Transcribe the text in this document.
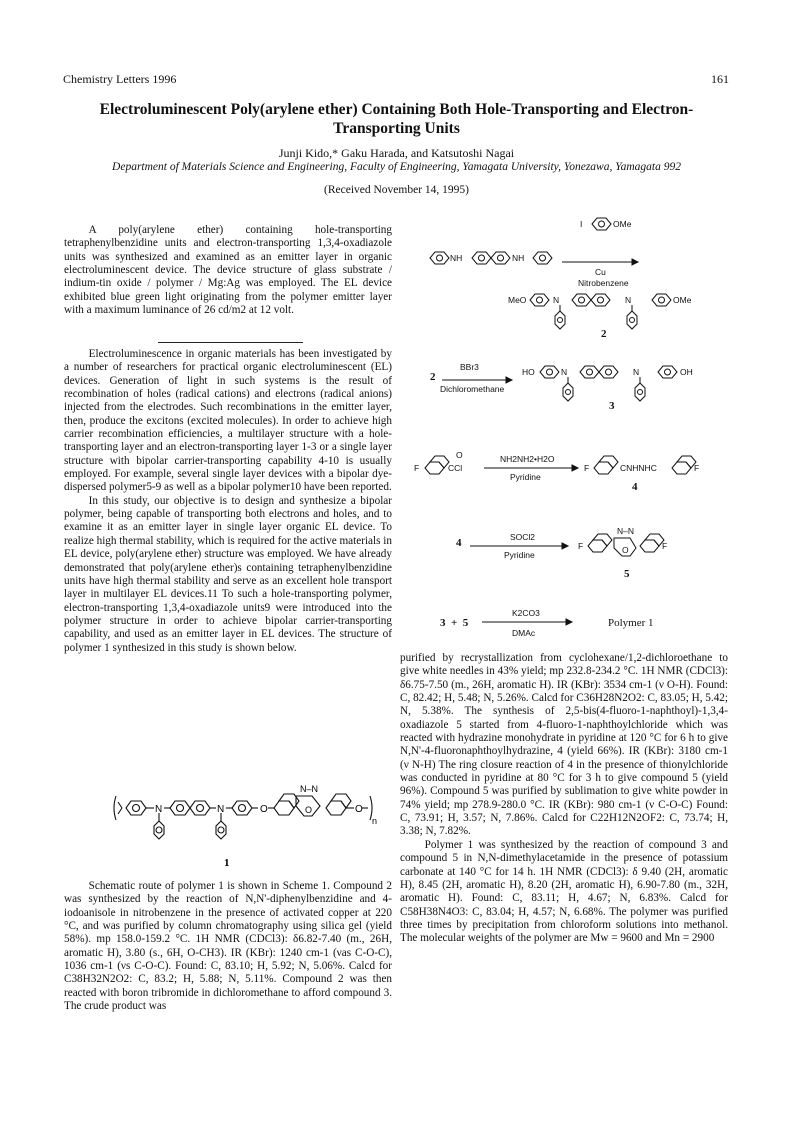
Chemistry Letters 1996	161
Electroluminescent Poly(arylene ether) Containing Both Hole-Transporting and Electron-Transporting Units
Junji Kido,* Gaku Harada, and Katsutoshi Nagai
Department of Materials Science and Engineering, Faculty of Engineering, Yamagata University, Yonezawa, Yamagata 992
(Received November 14, 1995)

A poly(arylene ether) containing hole-transporting tetraphenylbenzidine units and electron-transporting 1,3,4-oxadiazole units was synthesized and examined as an emitter layer in organic electroluminescent device. The device structure of glass substrate / indium-tin oxide / polymer / Mg:Ag was employed. The EL device exhibited blue green light originating from the polymer emitter layer with a maximum luminance of 26 cd/m2 at 12 volt.

Electroluminescence in organic materials has been investigated by a number of researchers for practical organic electroluminescent (EL) devices. Generation of light in such systems is the result of recombination of holes (radical cations) and electrons (radical anions) injected from the electrodes. Such recombinations in the emitter layer, then, produce the excitons (excited molecules). In order to achieve high carrier recombination efficiencies, a multilayer structure with a hole-transporting layer and an electron-transporting layer 1-3 or a single layer structure with bipolar carrier-transporting capability 4-10 is usually employed. For example, several single layer devices with a bipolar dye-dispersed polymer5-9 as well as a bipolar polymer10 have been reported.

In this study, our objective is to design and synthesize a bipolar polymer, being capable of transporting both electrons and holes, and to examine it as an emitter layer in single layer organic EL device. To realize high thermal stability, which is required for the active materials in EL device, poly(arylene ether) structure was employed. We have already demonstrated that poly(arylene ether)s containing tetraphenylbenzidine units have high thermal stability and serve as an excellent hole transport layer in multilayer EL devices.11 To such a hole-transporting polymer, electron-transporting 1,3,4-oxadiazole units9 were introduced into the polymer structure in order to achieve bipolar carrier-transporting capability, and used as an emitter layer in EL devices. The structure of polymer 1 synthesized in this study is shown below.

N	N	O
N–N
O	O
n
1

Schematic route of polymer 1 is shown in Scheme 1. Compound 2 was synthesized by the reaction of N,N'-diphenylbenzidine and 4-iodoanisole in nitrobenzene in the presence of activated copper at 220 °C, and was purified by column chromatography using silica gel (yield 58%). mp 158.0-159.2 °C. 1H NMR (CDCl3): δ6.82-7.40 (m., 26H, aromatic H), 3.80 (s., 6H, O-CH3). IR (KBr): 1240 cm-1 (νas C-O-C), 1036 cm-1 (νs C-O-C). Found: C, 83.10; H, 5.92; N, 5.06%. Calcd for C38H32N2O2: C, 83.2; H, 5.88; N, 5.11%. Compound 2 was then reacted with boron tribromide in dichloromethane to afford compound 3. The crude product was

I	OMe
NH	NH
Cu
Nitrobenzene
MeO	N	N	OMe
BBr3
Dichloromethane
HO	N	N	OH
F
O
CCl
NH2NH2•H2O
Pyridine
F	CNHNHC	F
SOCl2
Pyridine
F
N–N
O	F
K2CO3
DMAc
2
2
3
4
4
5
3  +  5	Polymer 1

purified by recrystallization from cyclohexane/1,2-dichloroethane to give white needles in 43% yield; mp 232.8-234.2 °C. 1H NMR (CDCl3): δ6.75-7.50 (m., 26H, aromatic H). IR (KBr): 3534 cm-1 (ν O-H). Found: C, 82.42; H, 5.48; N, 5.26%. Calcd for C36H28N2O2: C, 83.05; H, 5.42; N, 5.38%. The synthesis of 2,5-bis(4-fluoro-1-naphthoyl)-1,3,4-oxadiazole 5 started from 4-fluoro-1-naphthoylchloride which was reacted with hydrazine monohydrate in pyridine at 120 °C for 6 h to give N,N'-4-fluoronaphthoylhydrazine, 4 (yield 66%). IR (KBr): 3180 cm-1 (ν N-H) The ring closure reaction of 4 in the presence of thionylchloride was conducted in pyridine at 80 °C for 3 h to give compound 5 (yield 96%). Compound 5 was purified by sublimation to give white powder in 74% yield; mp 278.9-280.0 °C. IR (KBr): 980 cm-1 (ν C-O-C) Found: C, 73.91; H, 3.57; N, 7.86%. Calcd for C22H12N2OF2: C, 73.74; H, 3.38; N, 7.82%.

Polymer 1 was synthesized by the reaction of compound 3 and compound 5 in N,N-dimethylacetamide in the presence of potassium carbonate at 140 °C for 14 h. 1H NMR (CDCl3): δ 9.40 (2H, aromatic H), 8.45 (2H, aromatic H), 8.20 (2H, aromatic H), 6.90-7.80 (m., 32H, aromatic H). Found: C, 83.11; H, 4.67; N, 6.83%. Calcd for C58H38N4O3: C, 83.04; H, 4.57; N, 6.68%. The polymer was purified three times by precipitation from chloroform solutions into methanol. The molecular weights of the polymer are Mw = 9600 and Mn = 2900
